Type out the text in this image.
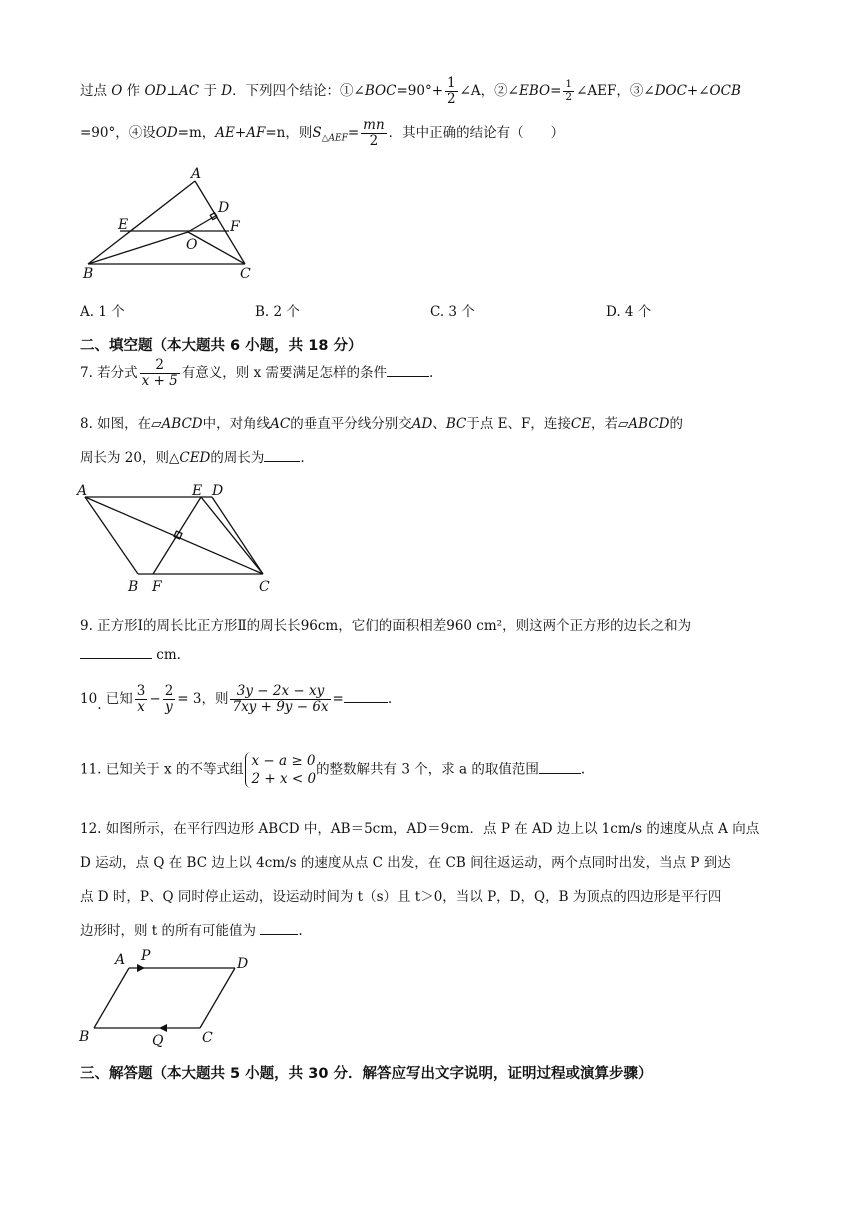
过点 O 作 OD⊥AC 于 D．下列四个结论：①∠BOC=90°+ $\frac{1}{2}$ ∠A，②∠EBO= $\frac{1}{2}$ ∠AEF，③∠DOC+∠OCB
=90°，④设OD=m，AE+AF=n，则$S_{\triangle AEF}= \frac{mn}{2}$ ．其中正确的结论有（　　）
A
D
E	F
O
B	C
A. 1 个	B. 2 个	C. 3 个	D. 4 个
二、填空题（本大题共 6 小题，共 18 分）
7. 若分式 $\frac{2}{x + 5}$ 有意义，则 x 需要满足怎样的条件	.
8. 如图，在▱ABCD中，对角线AC的垂直平分线分别交AD、BC于点 E、F，连接CE，若▱ABCD的
周长为 20，则△CED的周长为	.
A	E D
B F	C
9. 正方形Ⅰ的周长比正方形Ⅱ的周长长96cm，它们的面积相差960 cm²，则这两个正方形的边长之和为
cm.
10. 已知 $\frac{3}{x} - \frac{2}{y} = 3$，则 $\frac{3y - 2x - xy}{7xy + 9y - 6x}$ =	.
11. 已知关于 x 的不等式组
x − a ≥ 0
2 + x < 0
的整数解共有 3 个，求 a 的取值范围	.
12. 如图所示，在平行四边形 ABCD 中，AB＝5cm，AD＝9cm．点 P 在 AD 边上以 1cm/s 的速度从点 A 向点
D 运动，点 Q 在 BC 边上以 4cm/s 的速度从点 C 出发，在 CB 间往返运动，两个点同时出发，当点 P 到达
点 D 时，P、Q 同时停止运动，设运动时间为 t（s）且 t＞0，当以 P，D，Q，B 为顶点的四边形是平行四
边形时，则 t 的所有可能值为	.
A P	D
B	Q	C
三、解答题（本大题共 5 小题，共 30 分．解答应写出文字说明，证明过程或演算步骤）
